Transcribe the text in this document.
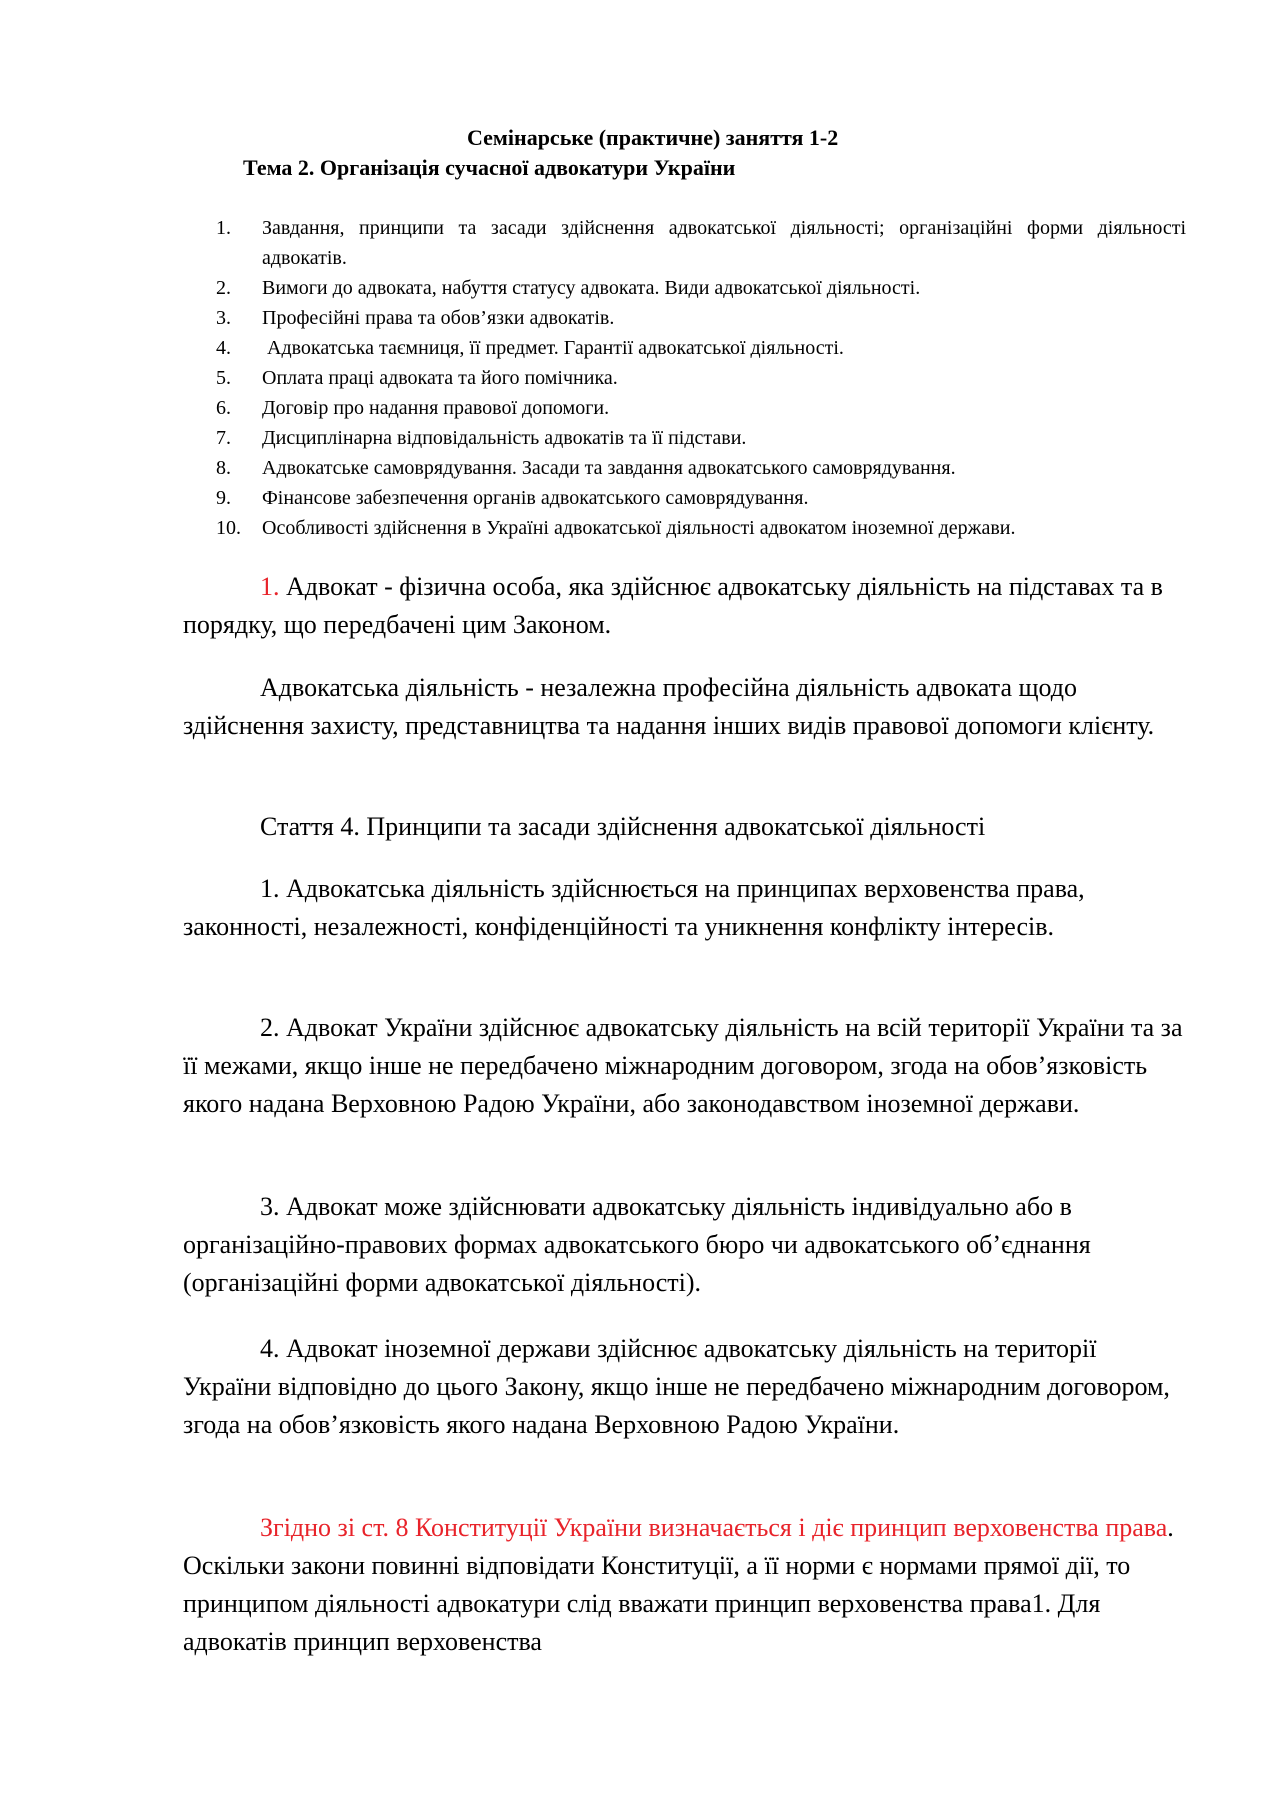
Семінарське (практичне) заняття 1-2
Тема 2. Організація сучасної адвокатури України
1.	Завдання, принципи та засади здійснення адвокатської діяльності; організаційні форми діяльності адвокатів.
2.	Вимоги до адвоката, набуття статусу адвоката. Види адвокатської діяльності.
3.	Професійні права та обов’язки адвокатів.
4.	Адвокатська таємниця, її предмет. Гарантії адвокатської діяльності.
5.	Оплата праці адвоката та його помічника.
6.	Договір про надання правової допомоги.
7.	Дисциплінарна відповідальність адвокатів та її підстави.
8.	Адвокатське самоврядування. Засади та завдання адвокатського самоврядування.
9.	Фінансове забезпечення органів адвокатського самоврядування.
10.	Особливості здійснення в Україні адвокатської діяльності адвокатом іноземної держави.

1. Адвокат - фізична особа, яка здійснює адвокатську діяльність на підставах та в порядку, що передбачені цим Законом.

Адвокатська діяльність - незалежна професійна діяльність адвоката щодо здійснення захисту, представництва та надання інших видів правової допомоги клієнту.

Стаття 4. Принципи та засади здійснення адвокатської діяльності

1. Адвокатська діяльність здійснюється на принципах верховенства права, законності, незалежності, конфіденційності та уникнення конфлікту інтересів.

2. Адвокат України здійснює адвокатську діяльність на всій території України та за її межами, якщо інше не передбачено міжнародним договором, згода на обов’язковість якого надана Верховною Радою України, або законодавством іноземної держави.

3. Адвокат може здійснювати адвокатську діяльність індивідуально або в організаційно-правових формах адвокатського бюро чи адвокатського об’єднання (організаційні форми адвокатської діяльності).

4. Адвокат іноземної держави здійснює адвокатську діяльність на території України відповідно до цього Закону, якщо інше не передбачено міжнародним договором, згода на обов’язковість якого надана Верховною Радою України.

Згідно зі ст. 8 Конституції України визначається і діє принцип верховенства права. Оскільки закони повинні відповідати Конституції, а її норми є нормами прямої дії, то принципом діяльності адвокатури слід вважати принцип верховенства права1. Для адвокатів принцип верховенства
